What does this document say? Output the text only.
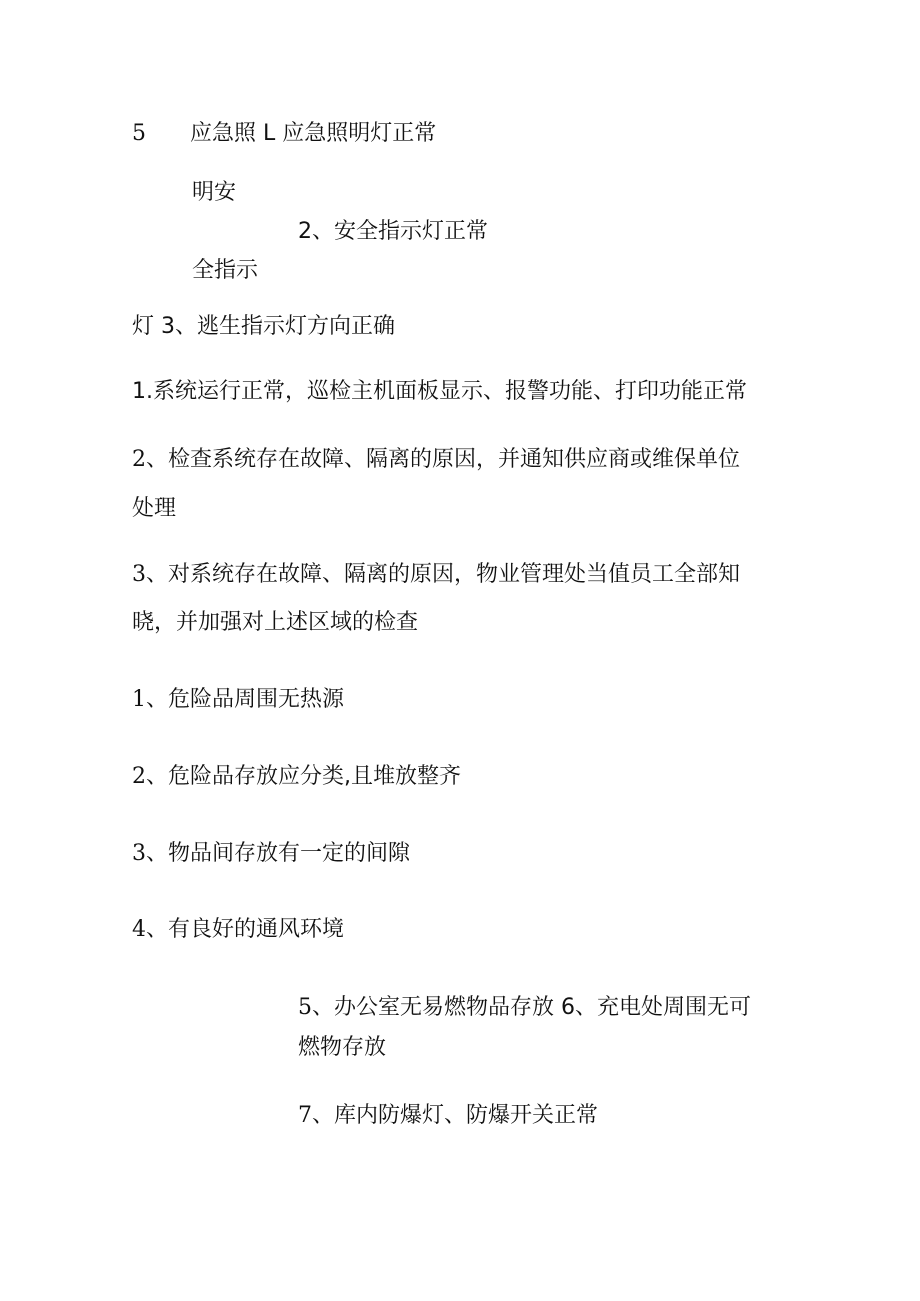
5 应急照 L 应急照明灯正常
明安
2、安全指示灯正常
全指示
灯 3、逃生指示灯方向正确
1.系统运行正常，巡检主机面板显示、报警功能、打印功能正常
2、检查系统存在故障、隔离的原因，并通知供应商或维保单位
处理
3、对系统存在故障、隔离的原因，物业管理处当值员工全部知
晓，并加强对上述区域的检查
1、危险品周围无热源
2、危险品存放应分类,且堆放整齐
3、物品间存放有一定的间隙
4、有良好的通风环境
5、办公室无易燃物品存放 6、充电处周围无可
燃物存放
7、库内防爆灯、防爆开关正常
